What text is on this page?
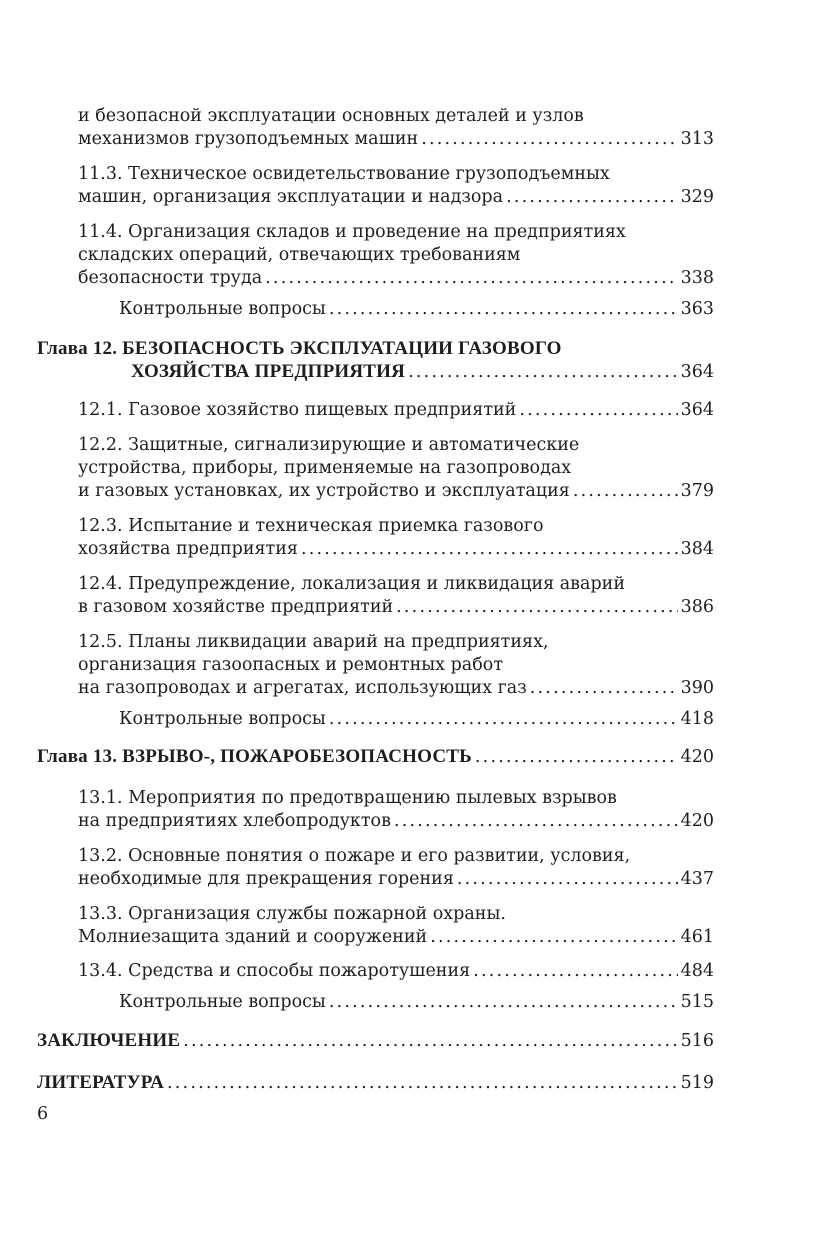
и безопасной эксплуатации основных деталей и узлов
механизмов грузоподъемных машин .....	313
11.3. Техническое освидетельствование грузоподъемных
машин, организация эксплуатации и надзора .....	329
11.4. Организация складов и проведение на предприятиях
складских операций, отвечающих требованиям
безопасности труда .....	338
Контрольные вопросы .....	363
Глава 12. БЕЗОПАСНОСТЬ ЭКСПЛУАТАЦИИ ГАЗОВОГО
ХОЗЯЙСТВА ПРЕДПРИЯТИЯ .....	364
12.1. Газовое хозяйство пищевых предприятий .....	364
12.2. Защитные, сигнализирующие и автоматические
устройства, приборы, применяемые на газопроводах
и газовых установках, их устройство и эксплуатация .....	379
12.3. Испытание и техническая приемка газового
хозяйства предприятия .....	384
12.4. Предупреждение, локализация и ликвидация аварий
в газовом хозяйстве предприятий .....	386
12.5. Планы ликвидации аварий на предприятиях,
организация газоопасных и ремонтных работ
на газопроводах и агрегатах, использующих газ .....	390
Контрольные вопросы .....	418
Глава 13. ВЗРЫВО-, ПОЖАРОБЕЗОПАСНОСТЬ .....	420
13.1. Мероприятия по предотвращению пылевых взрывов
на предприятиях хлебопродуктов .....	420
13.2. Основные понятия о пожаре и его развитии, условия,
необходимые для прекращения горения .....	437
13.3. Организация службы пожарной охраны.
Молниезащита зданий и сооружений .....	461
13.4. Средства и способы пожаротушения .....	484
Контрольные вопросы .....	515
ЗАКЛЮЧЕНИЕ .....	516
ЛИТЕРАТУРА .....	519
6
